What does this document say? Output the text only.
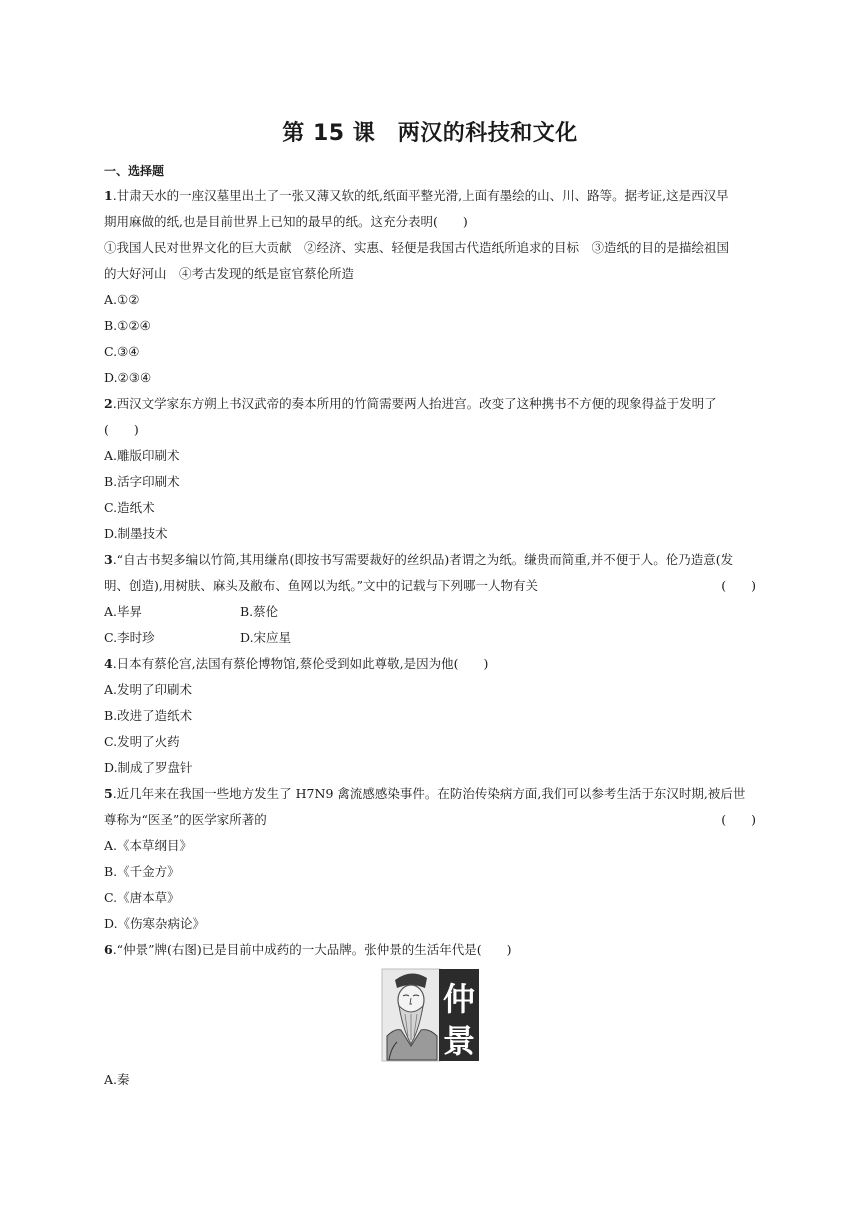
第 15 课　两汉的科技和文化
一、选择题
1.甘肃天水的一座汉墓里出土了一张又薄又软的纸,纸面平整光滑,上面有墨绘的山、川、路等。据考证,这是西汉早
期用麻做的纸,也是目前世界上已知的最早的纸。这充分表明(　　)
①我国人民对世界文化的巨大贡献　②经济、实惠、轻便是我国古代造纸所追求的目标　③造纸的目的是描绘祖国
的大好河山　④考古发现的纸是宦官蔡伦所造
A.①②
B.①②④
C.③④
D.②③④
2.西汉文学家东方朔上书汉武帝的奏本所用的竹简需要两人抬进宫。改变了这种携书不方便的现象得益于发明了
(　　)
A.雕版印刷术
B.活字印刷术
C.造纸术
D.制墨技术
3.“自古书契多编以竹简,其用缣帛(即按书写需要裁好的丝织品)者谓之为纸。缣贵而简重,并不便于人。伦乃造意(发
明、创造),用树肤、麻头及敝布、鱼网以为纸。”文中的记载与下列哪一人物有关	(　　)
A.毕昇	B.蔡伦
C.李时珍	D.宋应星
4.日本有蔡伦宫,法国有蔡伦博物馆,蔡伦受到如此尊敬,是因为他(　　)
A.发明了印刷术
B.改进了造纸术
C.发明了火药
D.制成了罗盘针
5.近几年来在我国一些地方发生了 H7N9 禽流感感染事件。在防治传染病方面,我们可以参考生活于东汉时期,被后世
尊称为“医圣”的医学家所著的	(　　)
A.《本草纲目》
B.《千金方》
C.《唐本草》
D.《伤寒杂病论》
6.“仲景”牌(右图)已是目前中成药的一大品牌。张仲景的生活年代是(　　)
仲
景
A.秦
